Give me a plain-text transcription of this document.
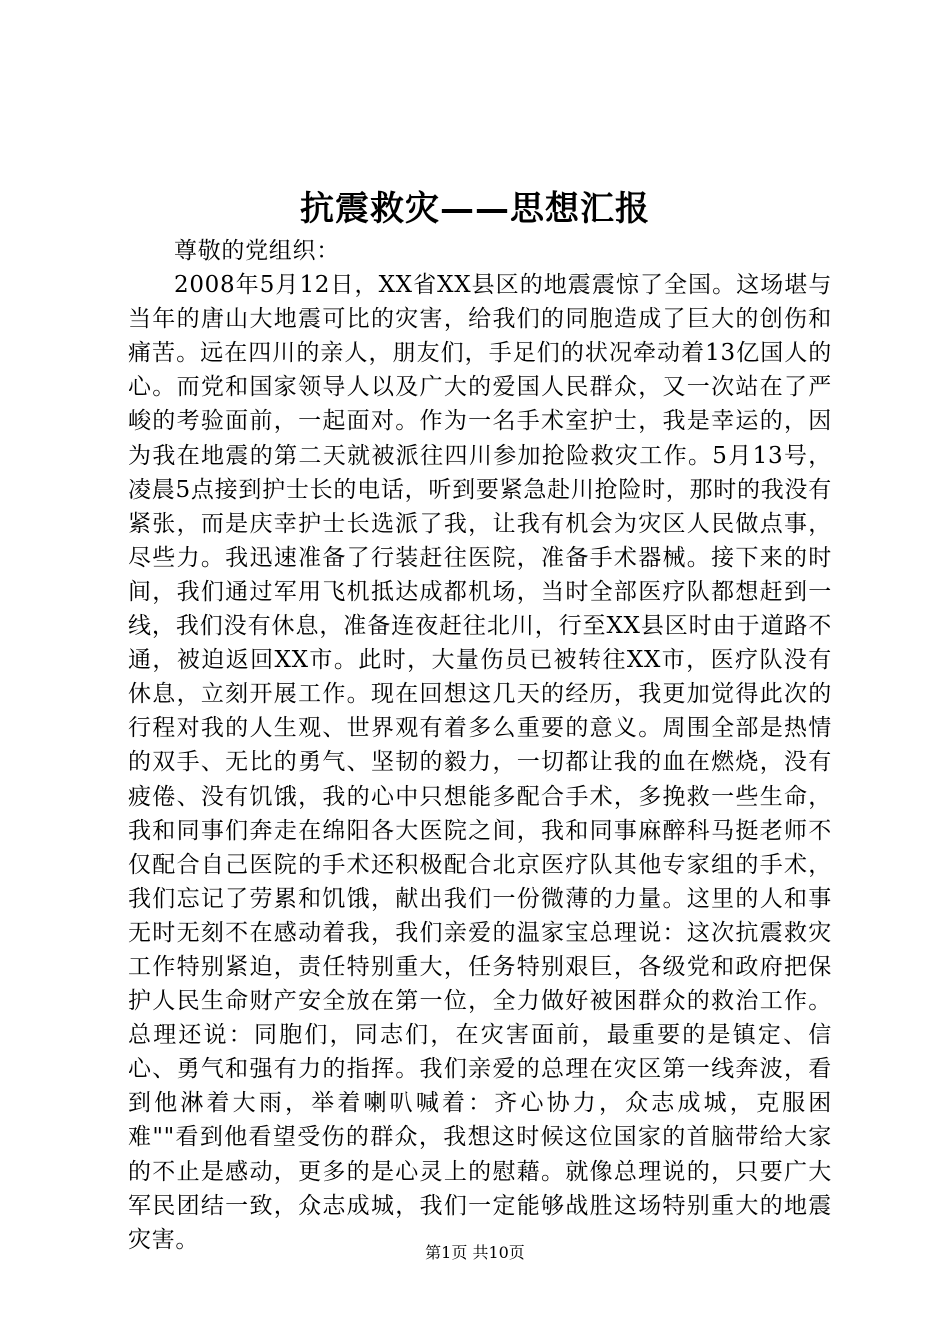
抗震救灾——思想汇报

尊敬的党组织：

2008年5月12日，XX省XX县区的地震震惊了全国。这场堪与当年的唐山大地震可比的灾害，给我们的同胞造成了巨大的创伤和痛苦。远在四川的亲人，朋友们，手足们的状况牵动着13亿国人的心。而党和国家领导人以及广大的爱国人民群众，又一次站在了严峻的考验面前，一起面对。作为一名手术室护士，我是幸运的，因为我在地震的第二天就被派往四川参加抢险救灾工作。5月13号，凌晨5点接到护士长的电话，听到要紧急赴川抢险时，那时的我没有紧张，而是庆幸护士长选派了我，让我有机会为灾区人民做点事，尽些力。我迅速准备了行装赶往医院，准备手术器械。接下来的时间，我们通过军用飞机抵达成都机场，当时全部医疗队都想赶到一线，我们没有休息，准备连夜赶往北川，行至XX县区时由于道路不通，被迫返回XX市。此时，大量伤员已被转往XX市，医疗队没有休息，立刻开展工作。现在回想这几天的经历，我更加觉得此次的行程对我的人生观、世界观有着多么重要的意义。周围全部是热情的双手、无比的勇气、坚韧的毅力，一切都让我的血在燃烧，没有疲倦、没有饥饿，我的心中只想能多配合手术，多挽救一些生命，我和同事们奔走在绵阳各大医院之间，我和同事麻醉科马挺老师不仅配合自己医院的手术还积极配合北京医疗队其他专家组的手术，我们忘记了劳累和饥饿，献出我们一份微薄的力量。这里的人和事无时无刻不在感动着我，我们亲爱的温家宝总理说：这次抗震救灾工作特别紧迫，责任特别重大，任务特别艰巨，各级党和政府把保护人民生命财产安全放在第一位，全力做好被困群众的救治工作。总理还说：同胞们，同志们，在灾害面前，最重要的是镇定、信心、勇气和强有力的指挥。我们亲爱的总理在灾区第一线奔波，看到他淋着大雨，举着喇叭喊着：齐心协力，众志成城，克服困难""看到他看望受伤的群众，我想这时候这位国家的首脑带给大家的不止是感动，更多的是心灵上的慰藉。就像总理说的，只要广大军民团结一致，众志成城，我们一定能够战胜这场特别重大的地震灾害。	第1页 共10页
